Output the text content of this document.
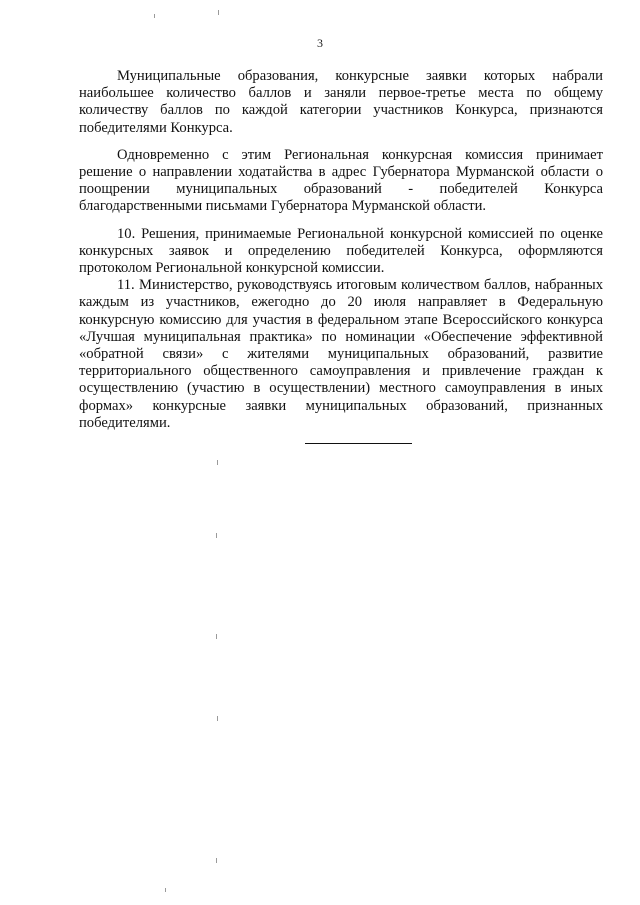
3

Муниципальные образования, конкурсные заявки которых набрали наибольшее количество баллов и заняли первое-третье места по общему количеству баллов по каждой категории участников Конкурса, признаются победителями Конкурса.

Одновременно с этим Региональная конкурсная комиссия принимает решение о направлении ходатайства в адрес Губернатора Мурманской области о поощрении муниципальных образований - победителей Конкурса благодарственными письмами Губернатора Мурманской области.

10. Решения, принимаемые Региональной конкурсной комиссией по оценке конкурсных заявок и определению победителей Конкурса, оформляются протоколом Региональной конкурсной комиссии.

11. Министерство, руководствуясь итоговым количеством баллов, набранных каждым из участников, ежегодно до 20 июля направляет в Федеральную конкурсную комиссию для участия в федеральном этапе Всероссийского конкурса «Лучшая муниципальная практика» по номинации «Обеспечение эффективной «обратной связи» с жителями муниципальных образований, развитие территориального общественного самоуправления и привлечение граждан к осуществлению (участию в осуществлении) местного самоуправления в иных формах» конкурсные заявки муниципальных образований, признанных победителями.
